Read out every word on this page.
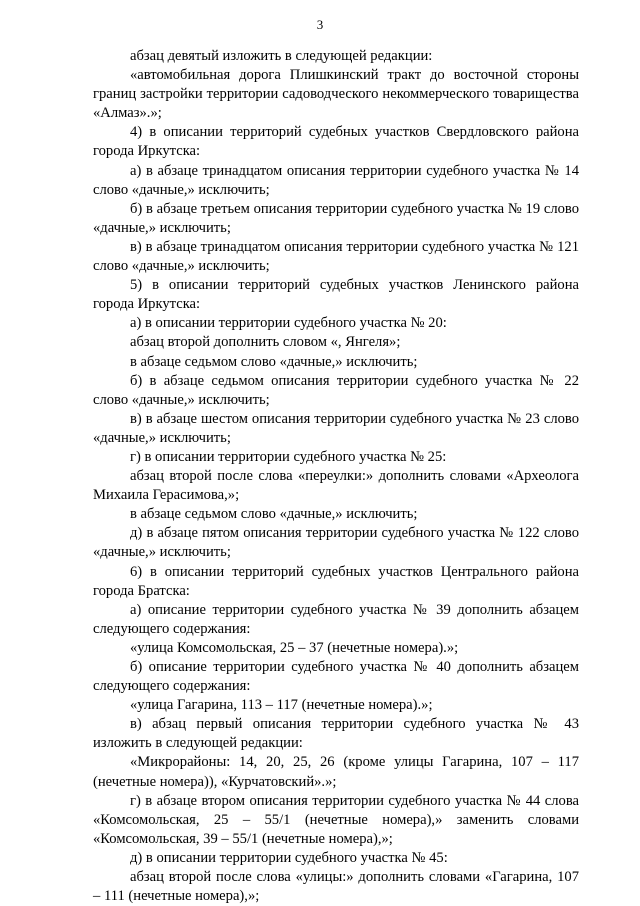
3

абзац девятый изложить в следующей редакции:

«автомобильная дорога Плишкинский тракт до восточной стороны границ застройки территории садоводческого некоммерческого товарищества «Алмаз».»;

4) в описании территорий судебных участков Свердловского района города Иркутска:

а) в абзаце тринадцатом описания территории судебного участка № 14 слово «дачные,» исключить;

б) в абзаце третьем описания территории судебного участка № 19 слово «дачные,» исключить;

в) в абзаце тринадцатом описания территории судебного участка № 121 слово «дачные,» исключить;

5) в описании территорий судебных участков Ленинского района города Иркутска:

а) в описании территории судебного участка № 20:

абзац второй дополнить словом «, Янгеля»;

в абзаце седьмом слово «дачные,» исключить;

б) в абзаце седьмом описания территории судебного участка № 22 слово «дачные,» исключить;

в) в абзаце шестом описания территории судебного участка № 23 слово «дачные,» исключить;

г) в описании территории судебного участка № 25:

абзац второй после слова «переулки:» дополнить словами «Археолога Михаила Герасимова,»;

в абзаце седьмом слово «дачные,» исключить;

д) в абзаце пятом описания территории судебного участка № 122 слово «дачные,» исключить;

6) в описании территорий судебных участков Центрального района города Братска:

а) описание территории судебного участка № 39 дополнить абзацем следующего содержания:

«улица Комсомольская, 25 – 37 (нечетные номера).»;

б) описание территории судебного участка № 40 дополнить абзацем следующего содержания:

«улица Гагарина, 113 – 117 (нечетные номера).»;

в) абзац первый описания территории судебного участка № 43 изложить в следующей редакции:

«Микрорайоны: 14, 20, 25, 26 (кроме улицы Гагарина, 107 – 117 (нечетные номера)), «Курчатовский».»;

г) в абзаце втором описания территории судебного участка № 44 слова «Комсомольская, 25 – 55/1 (нечетные номера),» заменить словами «Комсомольская, 39 – 55/1 (нечетные номера),»;

д) в описании территории судебного участка № 45:

абзац второй после слова «улицы:» дополнить словами «Гагарина, 107 – 111 (нечетные номера),»;
